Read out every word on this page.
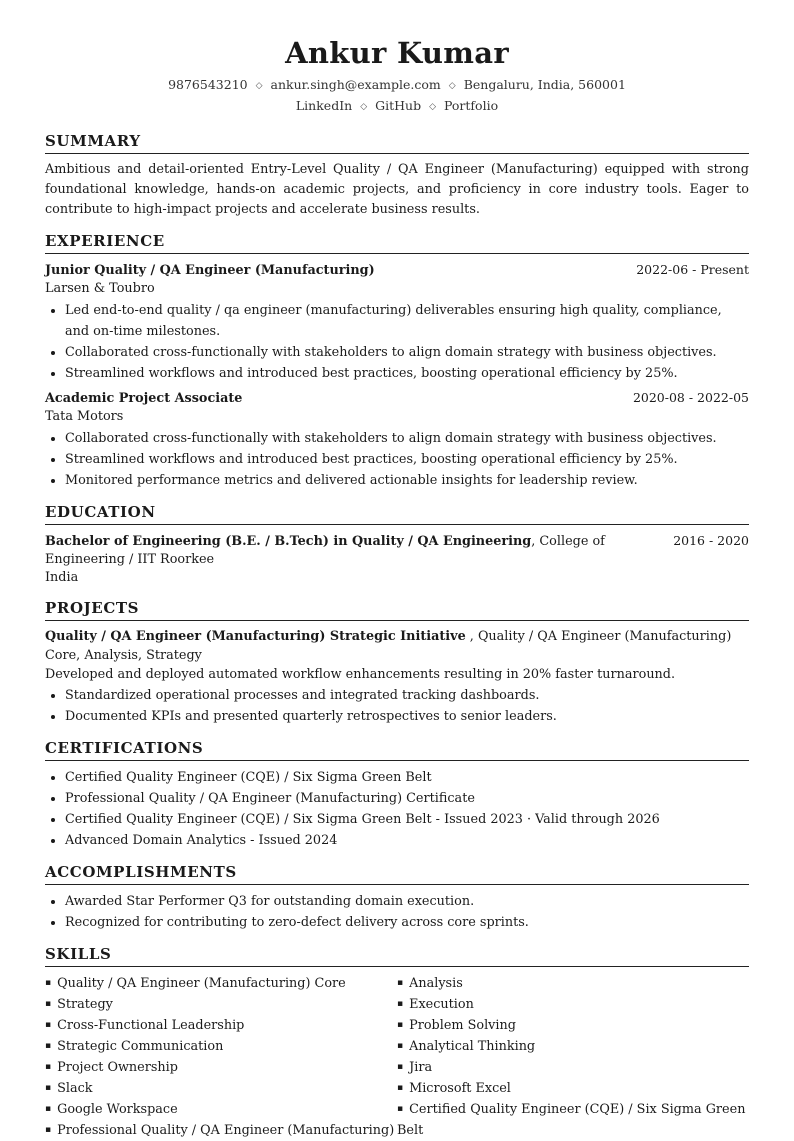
Ankur Kumar
9876543210 ◇ ankur.singh@example.com ◇ Bengaluru, India, 560001
LinkedIn ◇ GitHub ◇ Portfolio
SUMMARY
Ambitious and detail-oriented Entry-Level Quality / QA Engineer (Manufacturing) equipped with strong foundational knowledge, hands-on academic projects, and proficiency in core industry tools. Eager to contribute to high-impact projects and accelerate business results.
EXPERIENCE
Junior Quality / QA Engineer (Manufacturing)	2022-06 - Present
Larsen & Toubro
• Led end-to-end quality / qa engineer (manufacturing) deliverables ensuring high quality, compliance, and on-time milestones.
• Collaborated cross-functionally with stakeholders to align domain strategy with business objectives.
• Streamlined workflows and introduced best practices, boosting operational efficiency by 25%.
Academic Project Associate	2020-08 - 2022-05
Tata Motors
• Collaborated cross-functionally with stakeholders to align domain strategy with business objectives.
• Streamlined workflows and introduced best practices, boosting operational efficiency by 25%.
• Monitored performance metrics and delivered actionable insights for leadership review.
EDUCATION
Bachelor of Engineering (B.E. / B.Tech) in Quality / QA Engineering, College of Engineering / IIT Roorkee
2016 - 2020
India
PROJECTS
Quality / QA Engineer (Manufacturing) Strategic Initiative , Quality / QA Engineer (Manufacturing) Core, Analysis, Strategy
Developed and deployed automated workflow enhancements resulting in 20% faster turnaround.
• Standardized operational processes and integrated tracking dashboards.
• Documented KPIs and presented quarterly retrospectives to senior leaders.
CERTIFICATIONS
• Certified Quality Engineer (CQE) / Six Sigma Green Belt
• Professional Quality / QA Engineer (Manufacturing) Certificate
• Certified Quality Engineer (CQE) / Six Sigma Green Belt - Issued 2023 · Valid through 2026
• Advanced Domain Analytics - Issued 2024
ACCOMPLISHMENTS
• Awarded Star Performer Q3 for outstanding domain execution.
• Recognized for contributing to zero-defect delivery across core sprints.
SKILLS
▪ Quality / QA Engineer (Manufacturing) Core
▪ Strategy
▪ Cross-Functional Leadership
▪ Strategic Communication
▪ Project Ownership
▪ Slack
▪ Google Workspace
▪ Professional Quality / QA Engineer (Manufacturing)
▪ Analysis
▪ Execution
▪ Problem Solving
▪ Analytical Thinking
▪ Jira
▪ Microsoft Excel
▪ Certified Quality Engineer (CQE) / Six Sigma Green Belt
